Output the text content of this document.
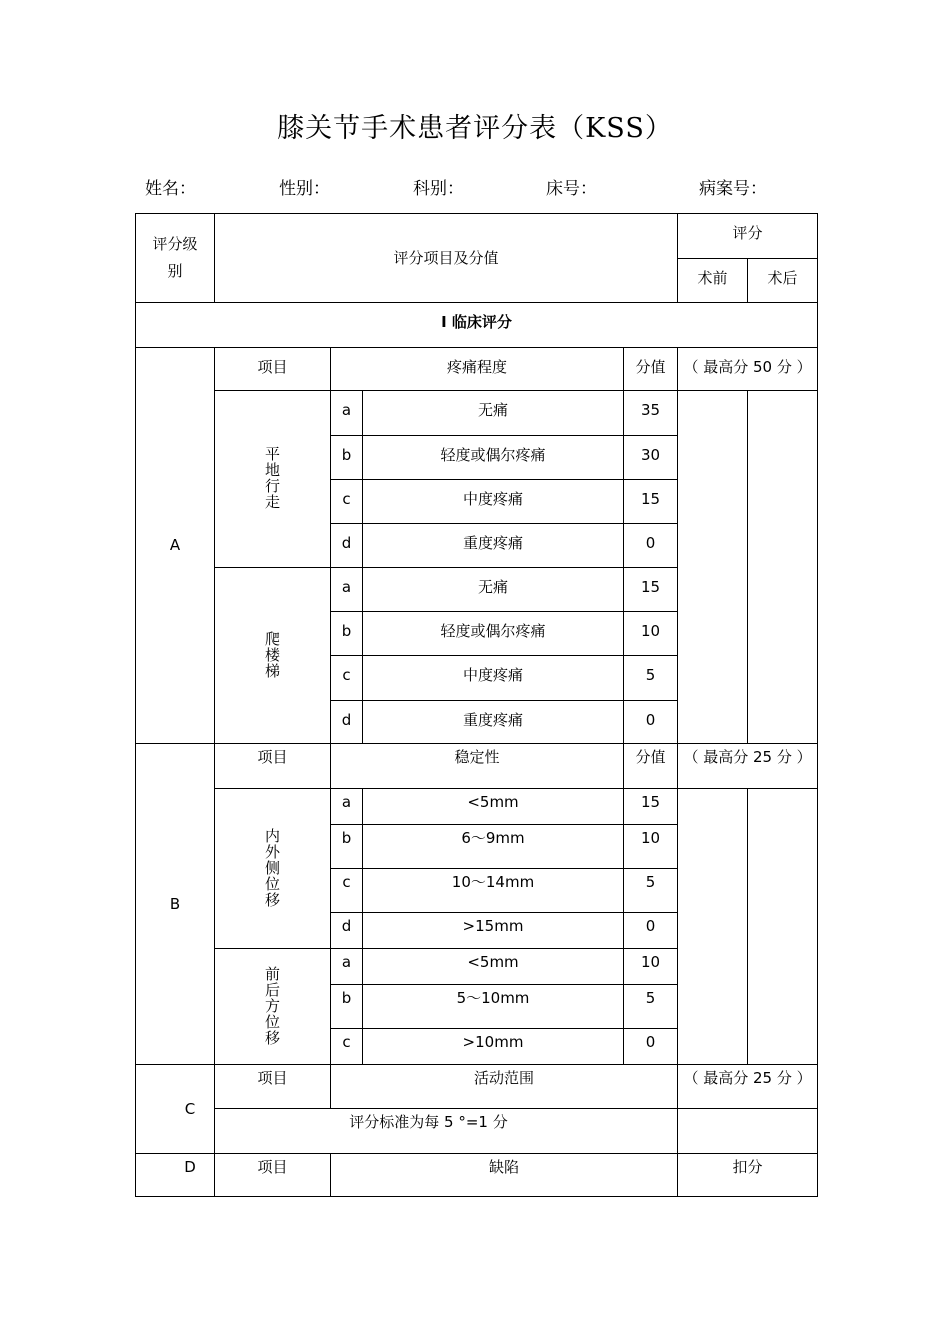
膝关节手术患者评分表（KSS）
姓名：	性别：	科别：	床号：	病案号：
评分级别	评分项目及分值				评分	
					术前	术后
I 临床评分						
A	项目	疼痛程度		分值	（ 最高分 50 分 ）	
	平地行走	a	无痛	35		
		b	轻度或偶尔疼痛	30		
		c	中度疼痛	15		
		d	重度疼痛	0		
	爬楼梯	a	无痛	15		
		b	轻度或偶尔疼痛	10		
		c	中度疼痛	5		
		d	重度疼痛	0		
B	项目	稳定性		分值	（ 最高分 25 分 ）	
	内外侧位移	a	<5mm	15		
		b	6～9mm	10		
		c	10～14mm	5		
		d	>15mm	0		
	前后方位移	a	<5mm	10		
		b	5～10mm	5		
		c	>10mm	0		
C	项目	活动范围			（ 最高分 25 分 ）	
	评分标准为每 5 °=1 分					
D	项目	缺陷			扣分	
